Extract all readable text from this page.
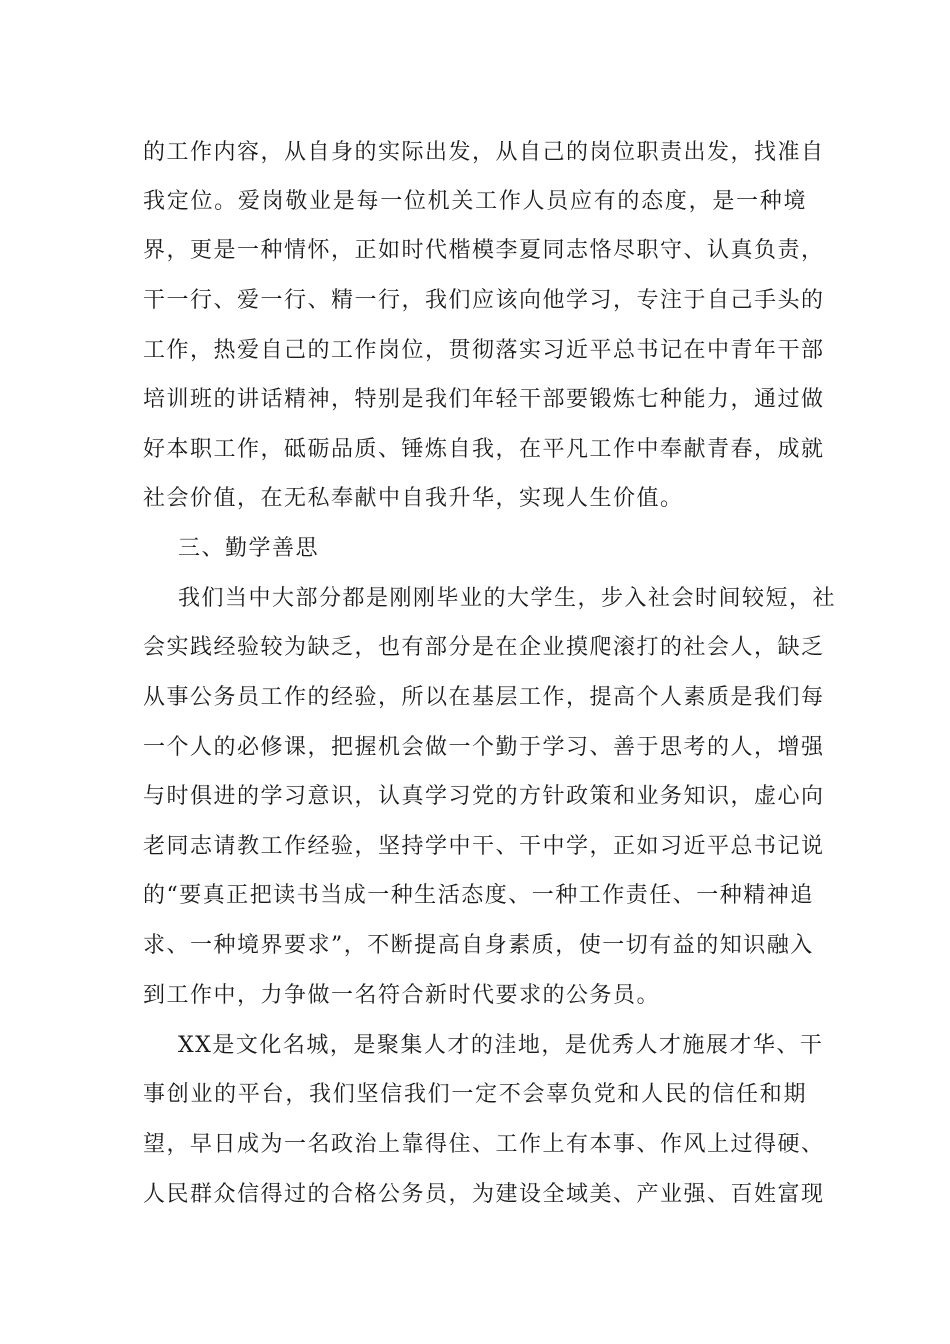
的工作内容，从自身的实际出发，从自己的岗位职责出发，找准自
我定位。爱岗敬业是每一位机关工作人员应有的态度，是一种境
界，更是一种情怀，正如时代楷模李夏同志恪尽职守、认真负责，
干一行、爱一行、精一行，我们应该向他学习，专注于自己手头的
工作，热爱自己的工作岗位，贯彻落实习近平总书记在中青年干部
培训班的讲话精神，特别是我们年轻干部要锻炼七种能力，通过做
好本职工作，砥砺品质、锤炼自我，在平凡工作中奉献青春，成就
社会价值，在无私奉献中自我升华，实现人生价值。
三、勤学善思
我们当中大部分都是刚刚毕业的大学生，步入社会时间较短，社
会实践经验较为缺乏，也有部分是在企业摸爬滚打的社会人，缺乏
从事公务员工作的经验，所以在基层工作，提高个人素质是我们每
一个人的必修课，把握机会做一个勤于学习、善于思考的人，增强
与时俱进的学习意识，认真学习党的方针政策和业务知识，虚心向
老同志请教工作经验，坚持学中干、干中学，正如习近平总书记说
的“要真正把读书当成一种生活态度、一种工作责任、一种精神追
求、一种境界要求”，不断提高自身素质，使一切有益的知识融入
到工作中，力争做一名符合新时代要求的公务员。
XX是文化名城，是聚集人才的洼地，是优秀人才施展才华、干
事创业的平台，我们坚信我们一定不会辜负党和人民的信任和期
望，早日成为一名政治上靠得住、工作上有本事、作风上过得硬、
人民群众信得过的合格公务员，为建设全域美、产业强、百姓富现
